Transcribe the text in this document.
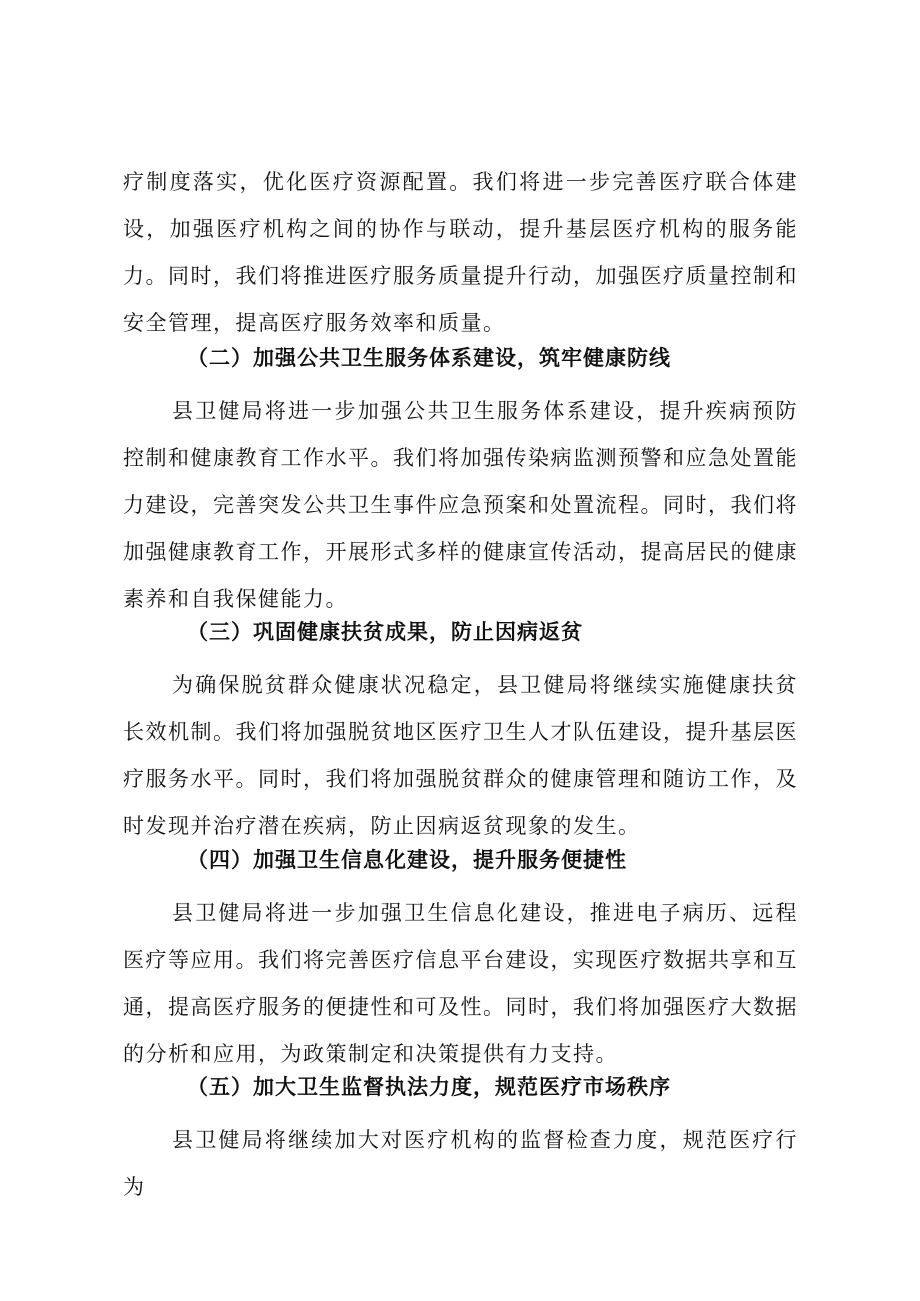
疗制度落实，优化医疗资源配置。我们将进一步完善医疗联合体建设，加强医疗机构之间的协作与联动，提升基层医疗机构的服务能力。同时，我们将推进医疗服务质量提升行动，加强医疗质量控制和安全管理，提高医疗服务效率和质量。

（二）加强公共卫生服务体系建设，筑牢健康防线

县卫健局将进一步加强公共卫生服务体系建设，提升疾病预防控制和健康教育工作水平。我们将加强传染病监测预警和应急处置能力建设，完善突发公共卫生事件应急预案和处置流程。同时，我们将加强健康教育工作，开展形式多样的健康宣传活动，提高居民的健康素养和自我保健能力。

（三）巩固健康扶贫成果，防止因病返贫

为确保脱贫群众健康状况稳定，县卫健局将继续实施健康扶贫长效机制。我们将加强脱贫地区医疗卫生人才队伍建设，提升基层医疗服务水平。同时，我们将加强脱贫群众的健康管理和随访工作，及时发现并治疗潜在疾病，防止因病返贫现象的发生。

（四）加强卫生信息化建设，提升服务便捷性

县卫健局将进一步加强卫生信息化建设，推进电子病历、远程医疗等应用。我们将完善医疗信息平台建设，实现医疗数据共享和互通，提高医疗服务的便捷性和可及性。同时，我们将加强医疗大数据的分析和应用，为政策制定和决策提供有力支持。

（五）加大卫生监督执法力度，规范医疗市场秩序

县卫健局将继续加大对医疗机构的监督检查力度，规范医疗行为
